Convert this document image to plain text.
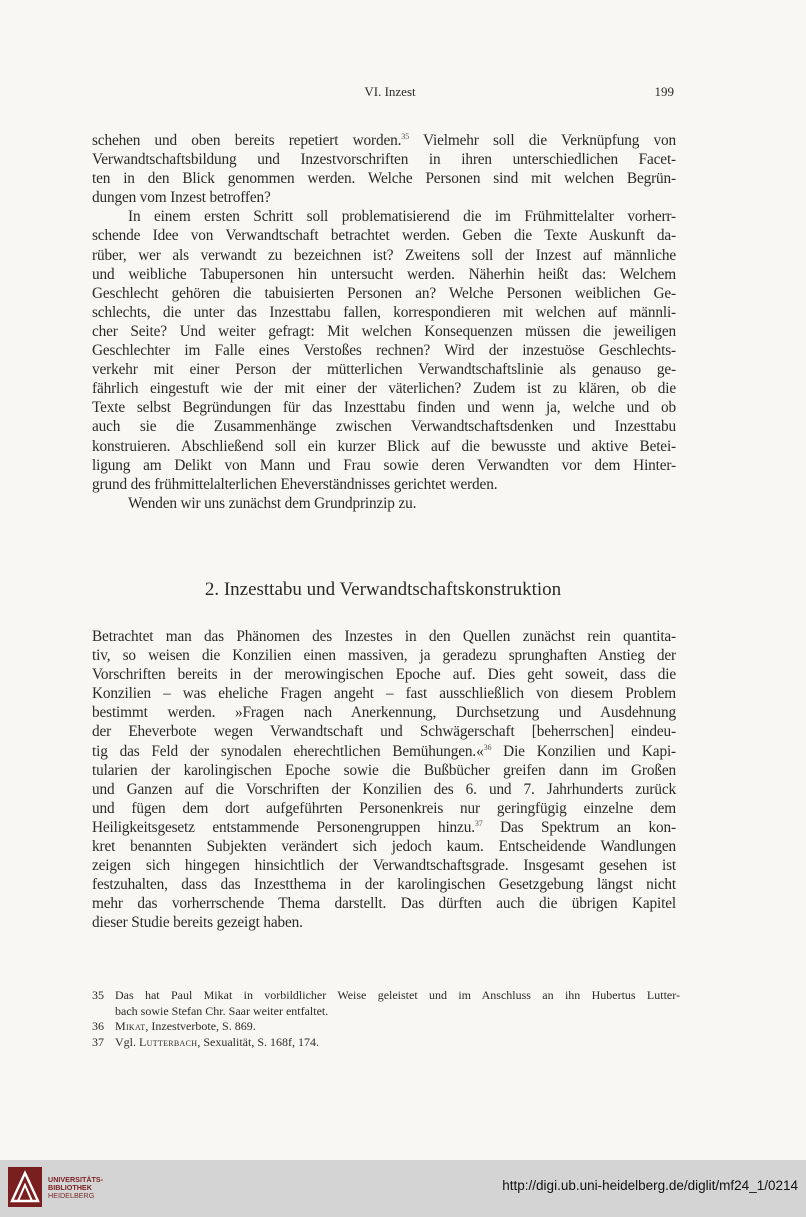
VI. Inzest	199
schehen und oben bereits repetiert worden.$^{35}$ Vielmehr soll die Verknüpfung von
Verwandtschaftsbildung und Inzestvorschriften in ihren unterschiedlichen Facet-
ten in den Blick genommen werden. Welche Personen sind mit welchen Begrün-
dungen vom Inzest betroffen?
In einem ersten Schritt soll problematisierend die im Frühmittelalter vorherr-
schende Idee von Verwandtschaft betrachtet werden. Geben die Texte Auskunft da-
rüber, wer als verwandt zu bezeichnen ist? Zweitens soll der Inzest auf männliche
und weibliche Tabupersonen hin untersucht werden. Näherhin heißt das: Welchem
Geschlecht gehören die tabuisierten Personen an? Welche Personen weiblichen Ge-
schlechts, die unter das Inzesttabu fallen, korrespondieren mit welchen auf männli-
cher Seite? Und weiter gefragt: Mit welchen Konsequenzen müssen die jeweiligen
Geschlechter im Falle eines Verstoßes rechnen? Wird der inzestuöse Geschlechts-
verkehr mit einer Person der mütterlichen Verwandtschaftslinie als genauso ge-
fährlich eingestuft wie der mit einer der väterlichen? Zudem ist zu klären, ob die
Texte selbst Begründungen für das Inzesttabu finden und wenn ja, welche und ob
auch sie die Zusammenhänge zwischen Verwandtschaftsdenken und Inzesttabu
konstruieren. Abschließend soll ein kurzer Blick auf die bewusste und aktive Betei-
ligung am Delikt von Mann und Frau sowie deren Verwandten vor dem Hinter-
grund des frühmittelalterlichen Eheverständnisses gerichtet werden.
Wenden wir uns zunächst dem Grundprinzip zu.
2. Inzesttabu und Verwandtschaftskonstruktion
Betrachtet man das Phänomen des Inzestes in den Quellen zunächst rein quantita-
tiv, so weisen die Konzilien einen massiven, ja geradezu sprunghaften Anstieg der
Vorschriften bereits in der merowingischen Epoche auf. Dies geht soweit, dass die
Konzilien – was eheliche Fragen angeht – fast ausschließlich von diesem Problem
bestimmt werden. »Fragen nach Anerkennung, Durchsetzung und Ausdehnung
der Eheverbote wegen Verwandtschaft und Schwägerschaft [beherrschen] eindeu-
tig das Feld der synodalen eherechtlichen Bemühungen.«$^{36}$ Die Konzilien und Kapi-
tularien der karolingischen Epoche sowie die Bußbücher greifen dann im Großen
und Ganzen auf die Vorschriften der Konzilien des 6. und 7. Jahrhunderts zurück
und fügen dem dort aufgeführten Personenkreis nur geringfügig einzelne dem
Heiligkeitsgesetz entstammende Personengruppen hinzu.$^{37}$ Das Spektrum an kon-
kret benannten Subjekten verändert sich jedoch kaum. Entscheidende Wandlungen
zeigen sich hingegen hinsichtlich der Verwandtschaftsgrade. Insgesamt gesehen ist
festzuhalten, dass das Inzestthema in der karolingischen Gesetzgebung längst nicht
mehr das vorherrschende Thema darstellt. Das dürften auch die übrigen Kapitel
dieser Studie bereits gezeigt haben.
35 Das hat Paul Mikat in vorbildlicher Weise geleistet und im Anschluss an ihn Hubertus Lutter-
bach sowie Stefan Chr. Saar weiter entfaltet.
36 Mikat, Inzestverbote, S. 869.
37 Vgl. Lutterbach, Sexualität, S. 168f, 174.
UNIVERSITÄTS-
BIBLIOTHEK
HEIDELBERG
http://digi.ub.uni-heidelberg.de/diglit/mf24_1/0214
